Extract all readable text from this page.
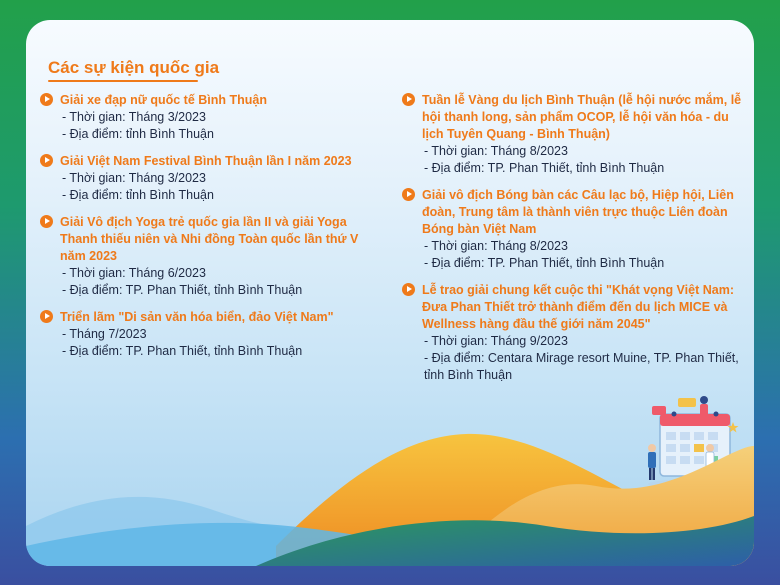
Các sự kiện quốc gia
Giải xe đạp nữ quốc tế Bình Thuận
- Thời gian: Tháng 3/2023
- Địa điểm: tỉnh Bình Thuận
Giải Việt Nam Festival Bình Thuận lần I năm 2023
- Thời gian: Tháng 3/2023
- Địa điểm: tỉnh Bình Thuận
Giải Vô địch Yoga trẻ quốc gia lần II và giải Yoga Thanh thiếu niên và Nhi đồng Toàn quốc lần thứ V năm 2023
- Thời gian: Tháng 6/2023
- Địa điểm: TP. Phan Thiết, tỉnh Bình Thuận
Triển lãm "Di sản văn hóa biển, đảo Việt Nam"
- Tháng 7/2023
- Địa điểm: TP. Phan Thiết, tỉnh Bình Thuận
Tuần lễ Vàng du lịch Bình Thuận (lễ hội nước mắm, lễ hội thanh long, sản phẩm OCOP, lễ hội văn hóa - du lịch Tuyên Quang - Bình Thuận)
- Thời gian: Tháng 8/2023
- Địa điểm: TP. Phan Thiết, tỉnh Bình Thuận
Giải vô địch Bóng bàn các Câu lạc bộ, Hiệp hội, Liên đoàn, Trung tâm là thành viên trực thuộc Liên đoàn Bóng bàn Việt Nam
- Thời gian: Tháng 8/2023
- Địa điểm: TP. Phan Thiết, tỉnh Bình Thuận
Lễ trao giải chung kết cuộc thi "Khát vọng Việt Nam: Đưa Phan Thiết trở thành điểm đến du lịch MICE và Wellness hàng đầu thế giới năm 2045"
- Thời gian: Tháng 9/2023
- Địa điểm: Centara Mirage resort Muine, TP. Phan Thiết, tỉnh Bình Thuận
